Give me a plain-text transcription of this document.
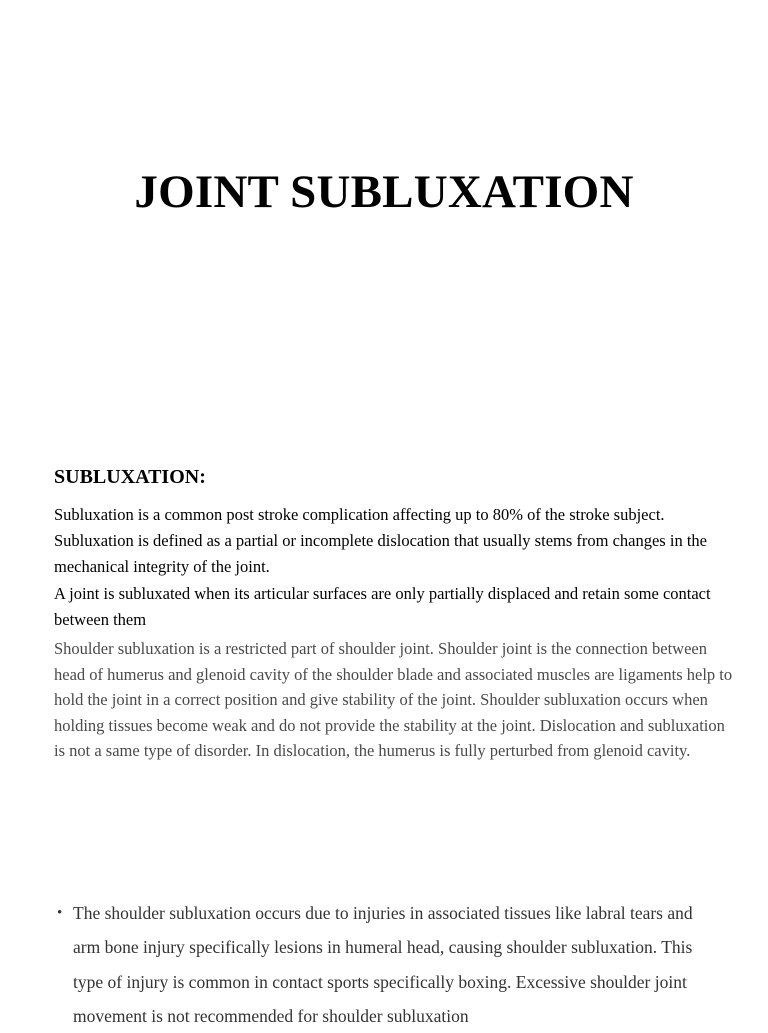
JOINT SUBLUXATION
SUBLUXATION:

Subluxation is a common post stroke complication affecting up to 80% of the stroke subject.

Subluxation is defined as a partial or incomplete dislocation that usually stems from changes in the mechanical integrity of the joint.

A joint is subluxated when its articular surfaces are only partially displaced and retain some contact between them

Shoulder subluxation is a restricted part of shoulder joint. Shoulder joint is the connection between head of humerus and glenoid cavity of the shoulder blade and associated muscles are ligaments help to hold the joint in a correct position and give stability of the joint. Shoulder subluxation occurs when holding tissues become weak and do not provide the stability at the joint. Dislocation and subluxation is not a same type of disorder. In dislocation, the humerus is fully perturbed from glenoid cavity.

• The shoulder subluxation occurs due to injuries in associated tissues like labral tears and arm bone injury specifically lesions in humeral head, causing shoulder subluxation. This type of injury is common in contact sports specifically boxing. Excessive shoulder joint movement is not recommended for shoulder subluxation
